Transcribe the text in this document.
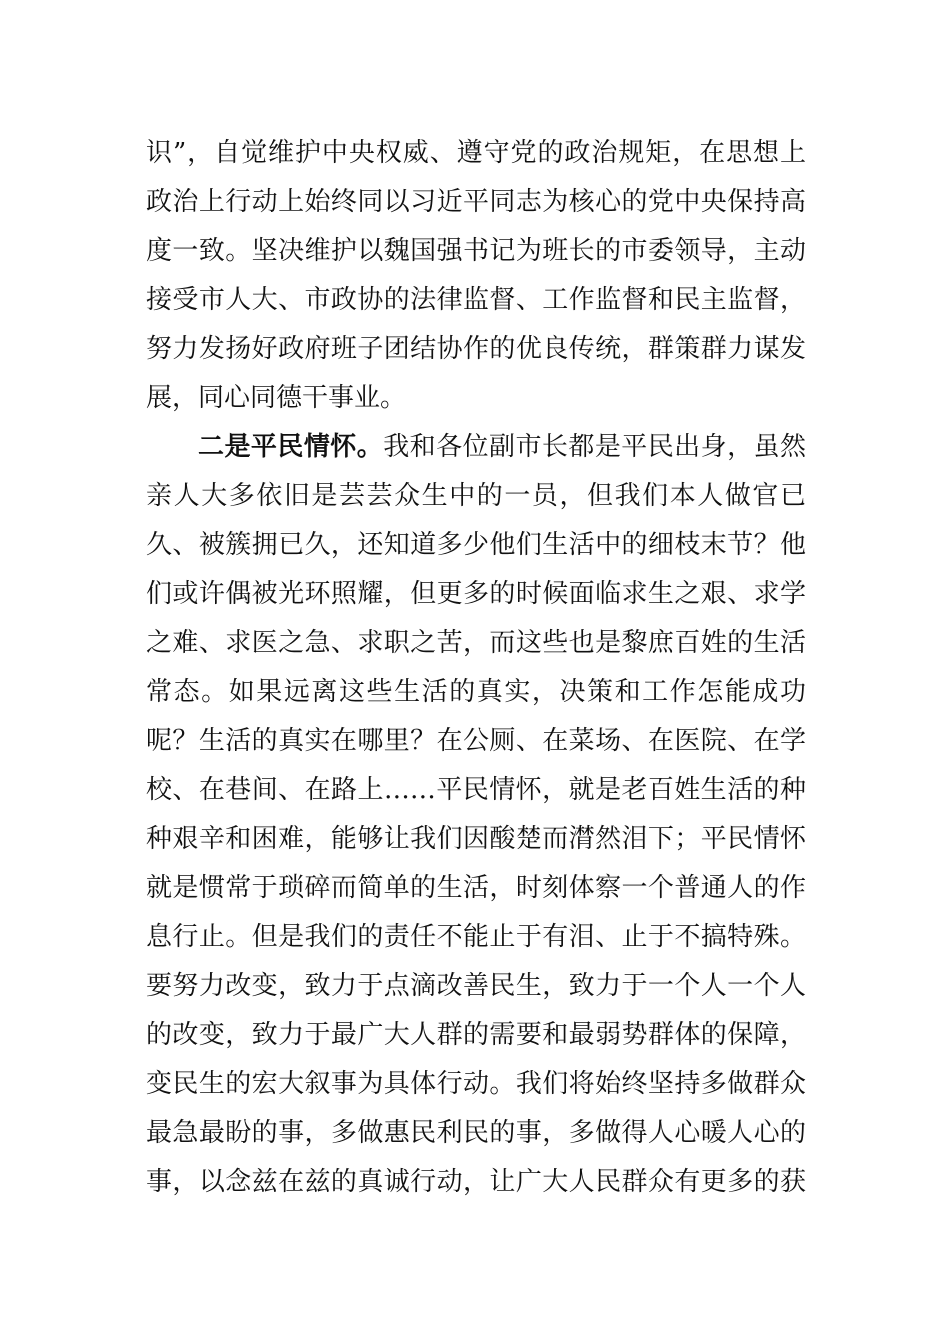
识”，自觉维护中央权威、遵守党的政治规矩，在思想上
政治上行动上始终同以习近平同志为核心的党中央保持高
度一致。坚决维护以魏国强书记为班长的市委领导，主动
接受市人大、市政协的法律监督、工作监督和民主监督，
努力发扬好政府班子团结协作的优良传统，群策群力谋发
展，同心同德干事业。
二是平民情怀。我和各位副市长都是平民出身，虽然
亲人大多依旧是芸芸众生中的一员，但我们本人做官已
久、被簇拥已久，还知道多少他们生活中的细枝末节？他
们或许偶被光环照耀，但更多的时候面临求生之艰、求学
之难、求医之急、求职之苦，而这些也是黎庶百姓的生活
常态。如果远离这些生活的真实，决策和工作怎能成功
呢？生活的真实在哪里？在公厕、在菜场、在医院、在学
校、在巷间、在路上……平民情怀，就是老百姓生活的种
种艰辛和困难，能够让我们因酸楚而潸然泪下；平民情怀
就是惯常于琐碎而简单的生活，时刻体察一个普通人的作
息行止。但是我们的责任不能止于有泪、止于不搞特殊。
要努力改变，致力于点滴改善民生，致力于一个人一个人
的改变，致力于最广大人群的需要和最弱势群体的保障，
变民生的宏大叙事为具体行动。我们将始终坚持多做群众
最急最盼的事，多做惠民利民的事，多做得人心暖人心的
事，以念兹在兹的真诚行动，让广大人民群众有更多的获
